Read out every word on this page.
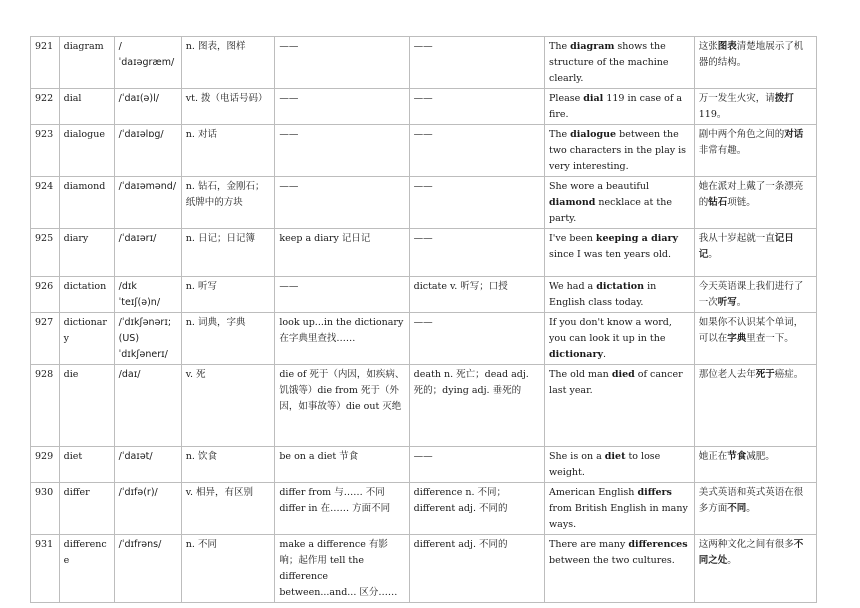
921	diagram	/ˈdaɪəgræm/	n. 图表，图样	——	——	The diagram shows the structure of the machine clearly.	这张图表清楚地展示了机器的结构。
922	dial	/ˈdaɪ(ə)l/	vt. 拨（电话号码）	——	——	Please dial 119 in case of a fire.	万一发生火灾，请拨打119。
923	dialogue	/ˈdaɪəlɒg/	n. 对话	——	——	The dialogue between the two characters in the play is very interesting.	剧中两个角色之间的对话非常有趣。
924	diamond	/ˈdaɪəmənd/	n. 钻石，金刚石；纸牌中的方块	——	——	She wore a beautiful diamond necklace at the party.	她在派对上戴了一条漂亮的钻石项链。
925	diary	/ˈdaɪərɪ/	n. 日记；日记簿	keep a diary 记日记	——	I've been keeping a diary since I was ten years old.	我从十岁起就一直记日记。
926	dictation	/dɪkˈteɪʃ(ə)n/	n. 听写	——	dictate v. 听写；口授	We had a dictation in English class today.	今天英语课上我们进行了一次听写。
927	dictionary	/ˈdɪkʃənərɪ;(US)ˈdɪkʃənerɪ/	n. 词典，字典	look up...in the dictionary 在字典里查找……	——	If you don't know a word, you can look it up in the dictionary.	如果你不认识某个单词，可以在字典里查一下。
928	die	/daɪ/	v. 死	die of 死于（内因，如疾病、饥饿等）die from 死于（外因，如事故等）die out 灭绝	death n. 死亡；dead adj. 死的；dying adj. 垂死的	The old man died of cancer last year.	那位老人去年死于癌症。
929	diet	/ˈdaɪət/	n. 饮食	be on a diet 节食	——	She is on a diet to lose weight.	她正在节食减肥。
930	differ	/ˈdɪfə(r)/	v. 相异，有区别	differ from 与…… 不同 differ in 在…… 方面不同	difference n. 不同；different adj. 不同的	American English differs from British English in many ways.	美式英语和英式英语在很多方面不同。
931	difference	/ˈdɪfrəns/	n. 不同	make a difference 有影响；起作用 tell the difference between...and... 区分……	different adj. 不同的	There are many differences between the two cultures.	这两种文化之间有很多不同之处。
